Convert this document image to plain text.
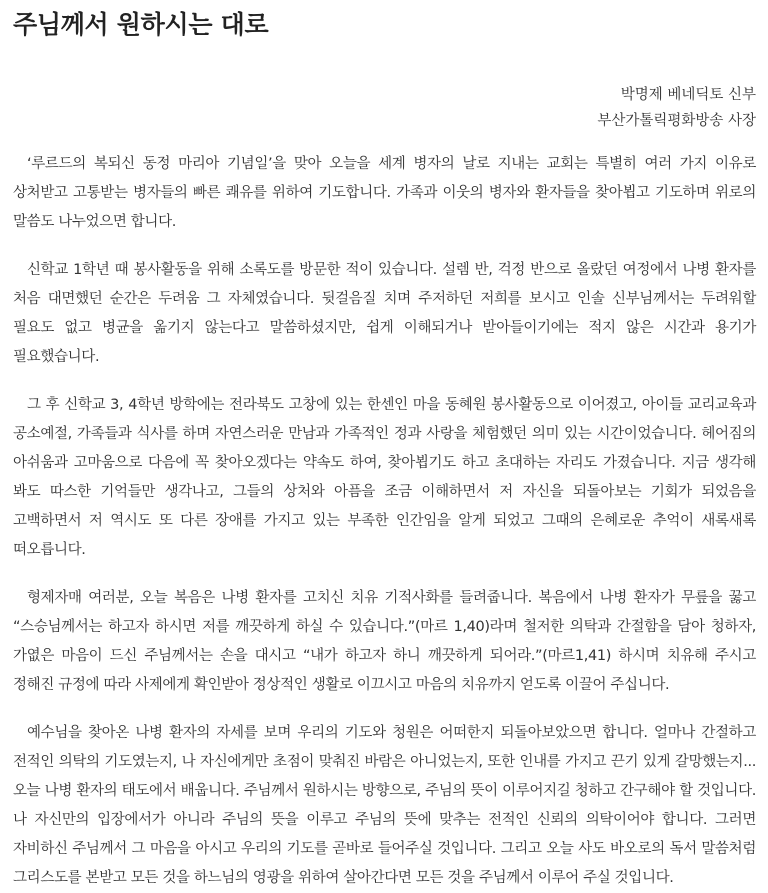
주님께서 원하시는 대로
박명제 베네딕토 신부
부산가톨릭평화방송 사장

‘루르드의 복되신 동정 마리아 기념일’을 맞아 오늘을 세계 병자의 날로 지내는 교회는 특별히 여러 가지 이유로 상처받고 고통받는 병자들의 빠른 쾌유를 위하여 기도합니다. 가족과 이웃의 병자와 환자들을 찾아뵙고 기도하며 위로의 말씀도 나누었으면 합니다.

신학교 1학년 때 봉사활동을 위해 소록도를 방문한 적이 있습니다. 설렘 반, 걱정 반으로 올랐던 여정에서 나병 환자를 처음 대면했던 순간은 두려움 그 자체였습니다. 뒷걸음질 치며 주저하던 저희를 보시고 인솔 신부님께서는 두려워할 필요도 없고 병균을 옮기지 않는다고 말씀하셨지만, 쉽게 이해되거나 받아들이기에는 적지 않은 시간과 용기가 필요했습니다.

그 후 신학교 3, 4학년 방학에는 전라북도 고창에 있는 한센인 마을 동혜원 봉사활동으로 이어졌고, 아이들 교리교육과 공소예절, 가족들과 식사를 하며 자연스러운 만남과 가족적인 정과 사랑을 체험했던 의미 있는 시간이었습니다. 헤어짐의 아쉬움과 고마움으로 다음에 꼭 찾아오겠다는 약속도 하여, 찾아뵙기도 하고 초대하는 자리도 가졌습니다. 지금 생각해 봐도 따스한 기억들만 생각나고, 그들의 상처와 아픔을 조금 이해하면서 저 자신을 되돌아보는 기회가 되었음을 고백하면서 저 역시도 또 다른 장애를 가지고 있는 부족한 인간임을 알게 되었고 그때의 은혜로운 추억이 새록새록 떠오릅니다.

형제자매 여러분, 오늘 복음은 나병 환자를 고치신 치유 기적사화를 들려줍니다. 복음에서 나병 환자가 무릎을 꿇고 “스승님께서는 하고자 하시면 저를 깨끗하게 하실 수 있습니다.”(마르 1,40)라며 철저한 의탁과 간절함을 담아 청하자, 가엾은 마음이 드신 주님께서는 손을 대시고 “내가 하고자 하니 깨끗하게 되어라.”(마르1,41) 하시며 치유해 주시고 정해진 규정에 따라 사제에게 확인받아 정상적인 생활로 이끄시고 마음의 치유까지 얻도록 이끌어 주십니다.

예수님을 찾아온 나병 환자의 자세를 보며 우리의 기도와 청원은 어떠한지 되돌아보았으면 합니다. 얼마나 간절하고 전적인 의탁의 기도였는지, 나 자신에게만 초점이 맞춰진 바람은 아니었는지, 또한 인내를 가지고 끈기 있게 갈망했는지... 오늘 나병 환자의 태도에서 배웁니다. 주님께서 원하시는 방향으로, 주님의 뜻이 이루어지길 청하고 간구해야 할 것입니다. 나 자신만의 입장에서가 아니라 주님의 뜻을 이루고 주님의 뜻에 맞추는 전적인 신뢰의 의탁이어야 합니다. 그러면 자비하신 주님께서 그 마음을 아시고 우리의 기도를 곧바로 들어주실 것입니다. 그리고 오늘 사도 바오로의 독서 말씀처럼 그리스도를 본받고 모든 것을 하느님의 영광을 위하여 살아간다면 모든 것을 주님께서 이루어 주실 것입니다.
